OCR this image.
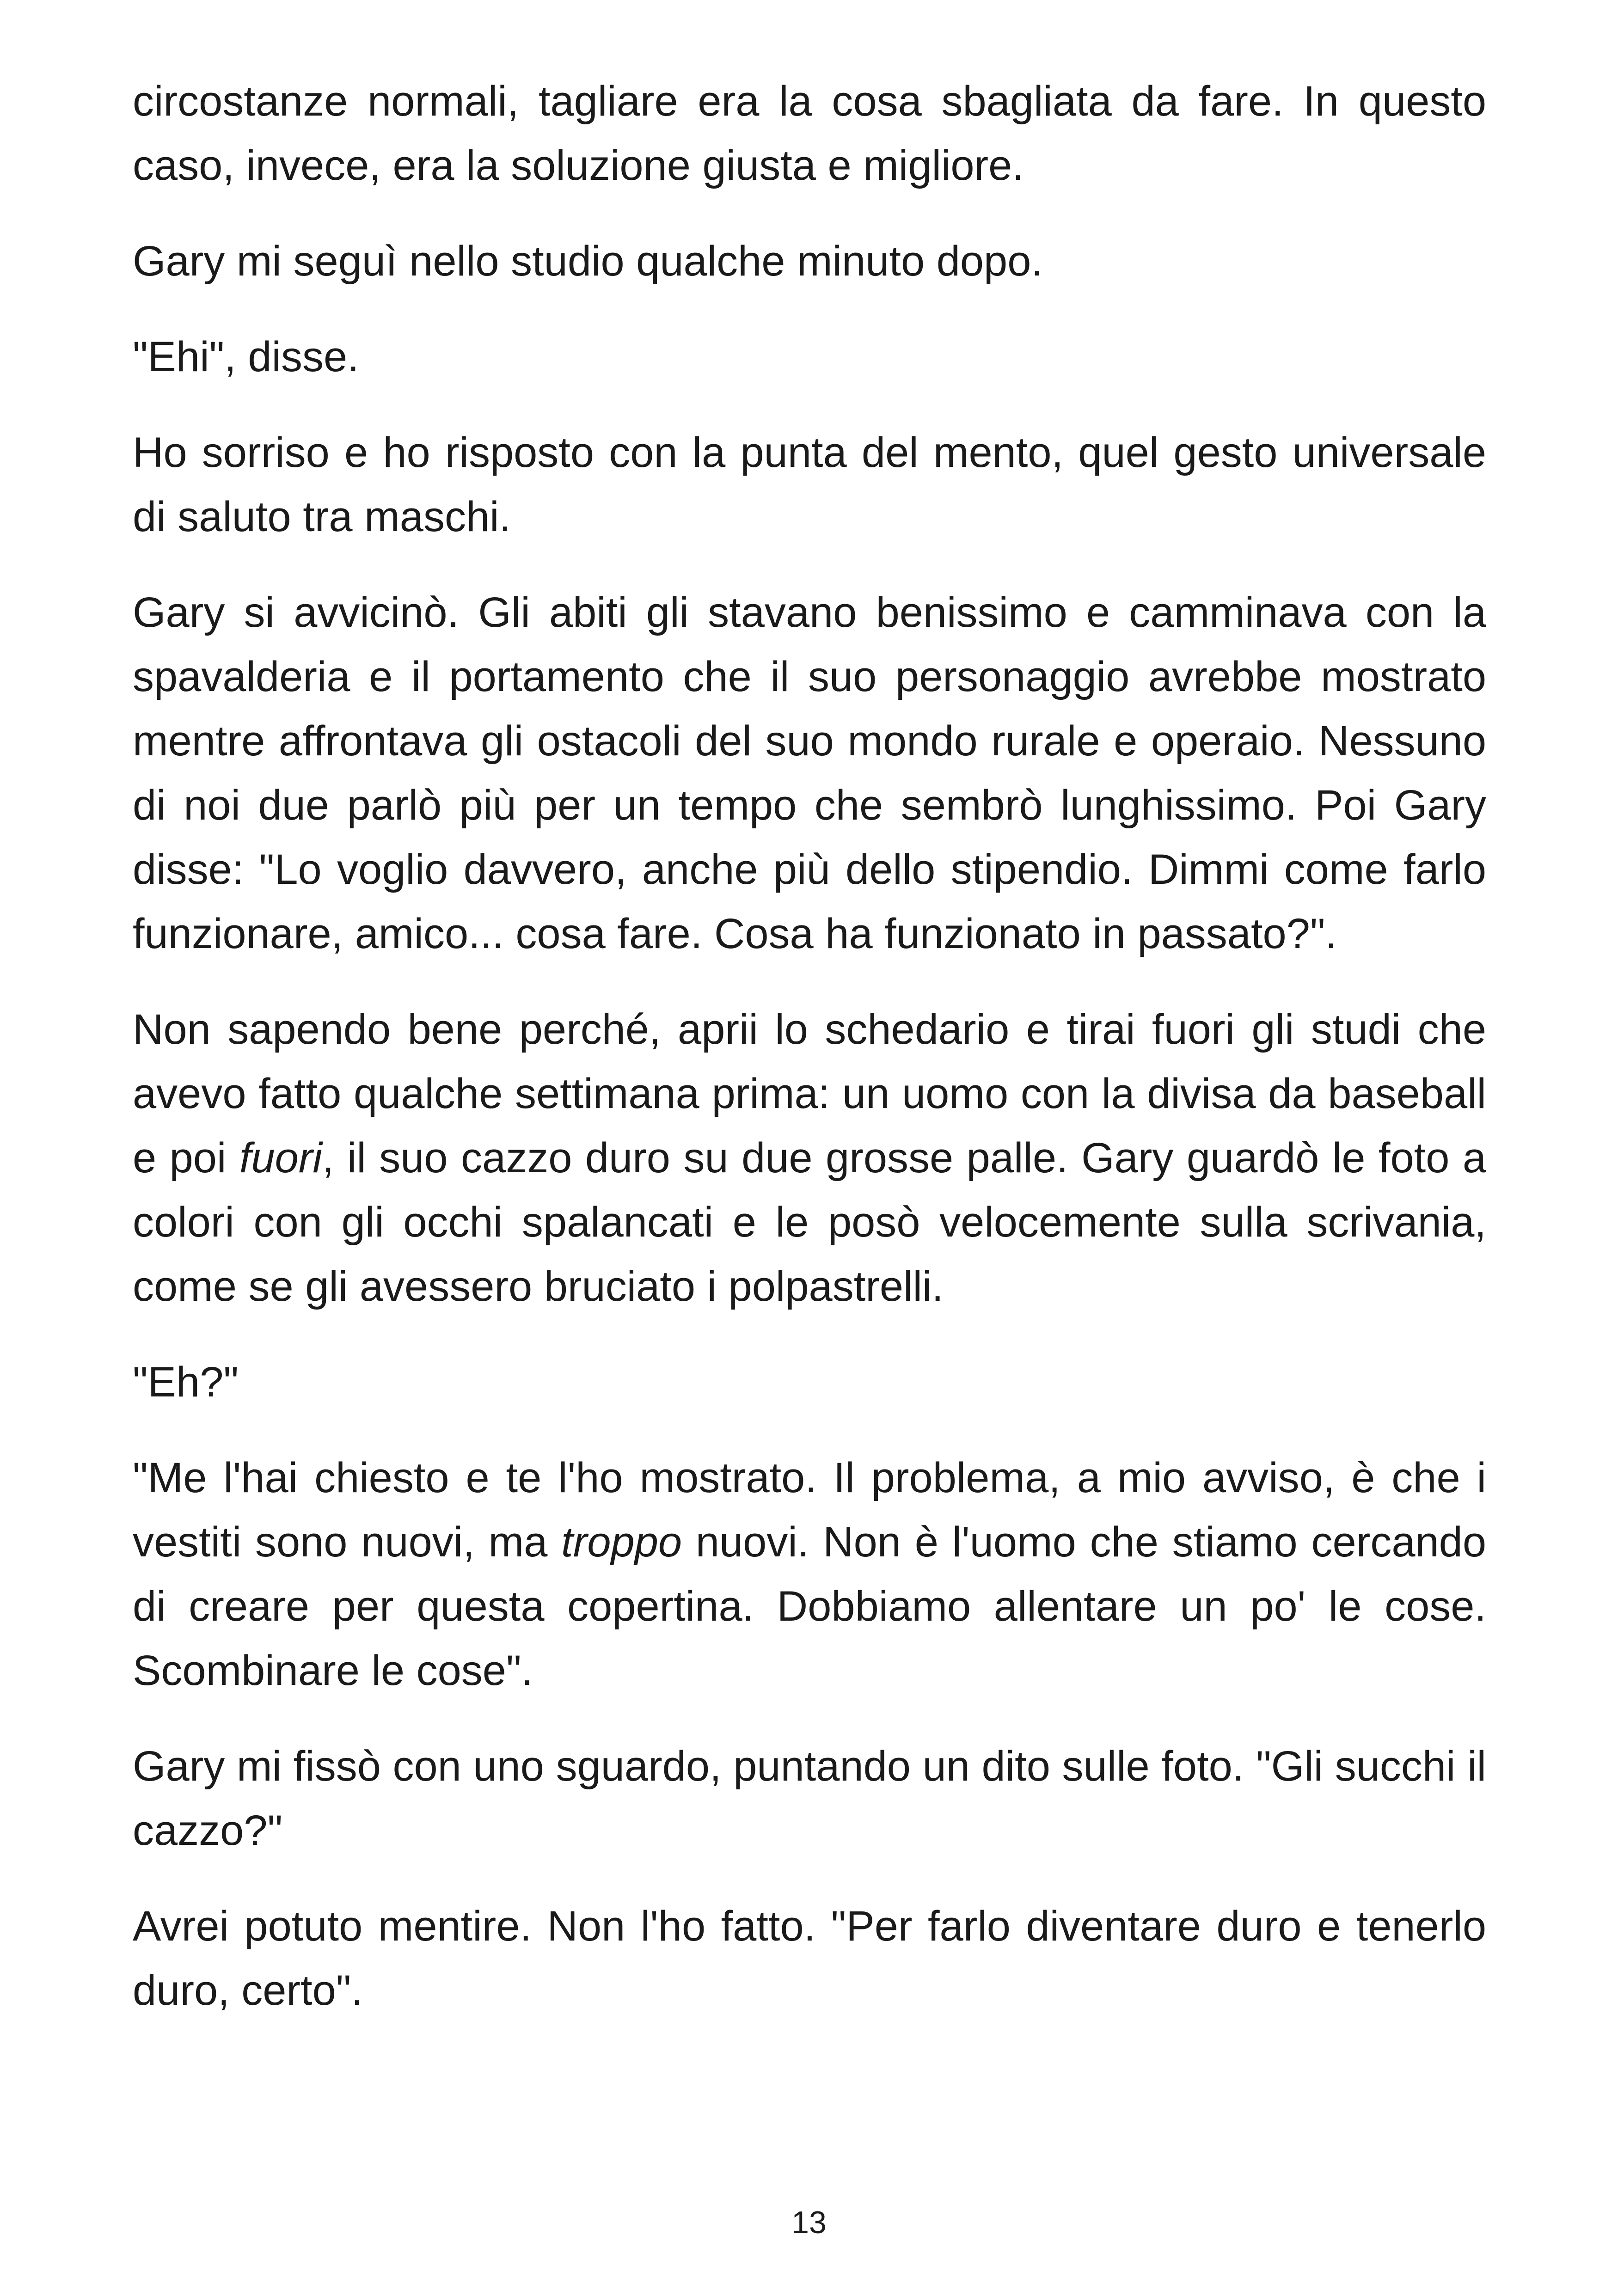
circostanze normali, tagliare era la cosa sbagliata da fare. In questo caso, invece, era la soluzione giusta e migliore.

Gary mi seguì nello studio qualche minuto dopo.

"Ehi", disse.

Ho sorriso e ho risposto con la punta del mento, quel gesto universale di saluto tra maschi.

Gary si avvicinò. Gli abiti gli stavano benissimo e camminava con la spavalderia e il portamento che il suo personaggio avrebbe mostrato mentre affrontava gli ostacoli del suo mondo rurale e operaio. Nessuno di noi due parlò più per un tempo che sembrò lunghissimo. Poi Gary disse: "Lo voglio davvero, anche più dello stipendio. Dimmi come farlo funzionare, amico... cosa fare. Cosa ha funzionato in passato?".

Non sapendo bene perché, aprii lo schedario e tirai fuori gli studi che avevo fatto qualche settimana prima: un uomo con la divisa da baseball e poi fuori, il suo cazzo duro su due grosse palle. Gary guardò le foto a colori con gli occhi spalancati e le posò velocemente sulla scrivania, come se gli avessero bruciato i polpastrelli.

"Eh?"

"Me l'hai chiesto e te l'ho mostrato. Il problema, a mio avviso, è che i vestiti sono nuovi, ma troppo nuovi. Non è l'uomo che stiamo cercando di creare per questa copertina. Dobbiamo allentare un po' le cose. Scombinare le cose".

Gary mi fissò con uno sguardo, puntando un dito sulle foto. "Gli succhi il cazzo?"

Avrei potuto mentire. Non l'ho fatto. "Per farlo diventare duro e tenerlo duro, certo".

13
